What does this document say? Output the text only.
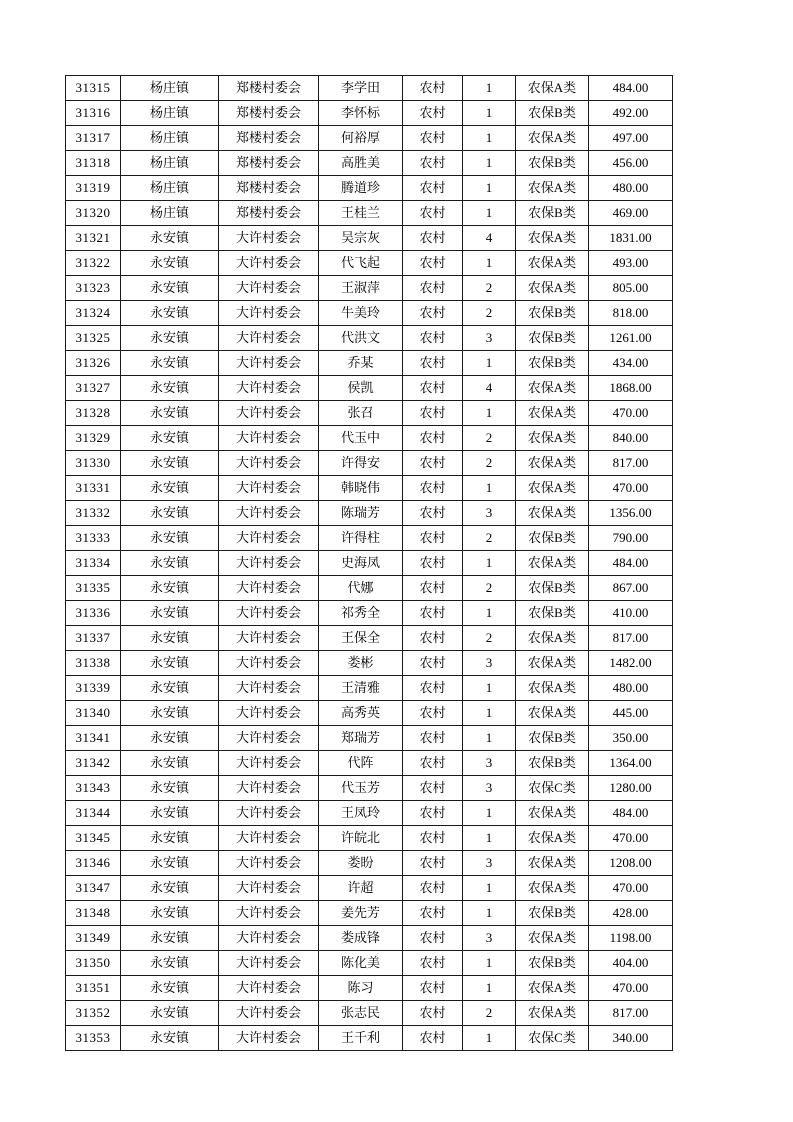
31315	杨庄镇	郑楼村委会	李学田	农村	1	农保A类	484.00
31316	杨庄镇	郑楼村委会	李怀标	农村	1	农保B类	492.00
31317	杨庄镇	郑楼村委会	何裕厚	农村	1	农保A类	497.00
31318	杨庄镇	郑楼村委会	高胜美	农村	1	农保B类	456.00
31319	杨庄镇	郑楼村委会	腾道珍	农村	1	农保A类	480.00
31320	杨庄镇	郑楼村委会	王桂兰	农村	1	农保B类	469.00
31321	永安镇	大许村委会	吴宗灰	农村	4	农保A类	1831.00
31322	永安镇	大许村委会	代飞起	农村	1	农保A类	493.00
31323	永安镇	大许村委会	王淑萍	农村	2	农保A类	805.00
31324	永安镇	大许村委会	牛美玲	农村	2	农保B类	818.00
31325	永安镇	大许村委会	代洪文	农村	3	农保B类	1261.00
31326	永安镇	大许村委会	乔某	农村	1	农保B类	434.00
31327	永安镇	大许村委会	侯凯	农村	4	农保A类	1868.00
31328	永安镇	大许村委会	张召	农村	1	农保A类	470.00
31329	永安镇	大许村委会	代玉中	农村	2	农保A类	840.00
31330	永安镇	大许村委会	许得安	农村	2	农保A类	817.00
31331	永安镇	大许村委会	韩晓伟	农村	1	农保A类	470.00
31332	永安镇	大许村委会	陈瑞芳	农村	3	农保A类	1356.00
31333	永安镇	大许村委会	许得柱	农村	2	农保B类	790.00
31334	永安镇	大许村委会	史海凤	农村	1	农保A类	484.00
31335	永安镇	大许村委会	代娜	农村	2	农保B类	867.00
31336	永安镇	大许村委会	祁秀全	农村	1	农保B类	410.00
31337	永安镇	大许村委会	王保全	农村	2	农保A类	817.00
31338	永安镇	大许村委会	娄彬	农村	3	农保A类	1482.00
31339	永安镇	大许村委会	王清雅	农村	1	农保A类	480.00
31340	永安镇	大许村委会	高秀英	农村	1	农保A类	445.00
31341	永安镇	大许村委会	郑瑞芳	农村	1	农保B类	350.00
31342	永安镇	大许村委会	代阵	农村	3	农保B类	1364.00
31343	永安镇	大许村委会	代玉芳	农村	3	农保C类	1280.00
31344	永安镇	大许村委会	王凤玲	农村	1	农保A类	484.00
31345	永安镇	大许村委会	许皖北	农村	1	农保A类	470.00
31346	永安镇	大许村委会	娄盼	农村	3	农保A类	1208.00
31347	永安镇	大许村委会	许超	农村	1	农保A类	470.00
31348	永安镇	大许村委会	姜先芳	农村	1	农保B类	428.00
31349	永安镇	大许村委会	娄成锋	农村	3	农保A类	1198.00
31350	永安镇	大许村委会	陈化美	农村	1	农保B类	404.00
31351	永安镇	大许村委会	陈习	农村	1	农保A类	470.00
31352	永安镇	大许村委会	张志民	农村	2	农保A类	817.00
31353	永安镇	大许村委会	王千利	农村	1	农保C类	340.00
